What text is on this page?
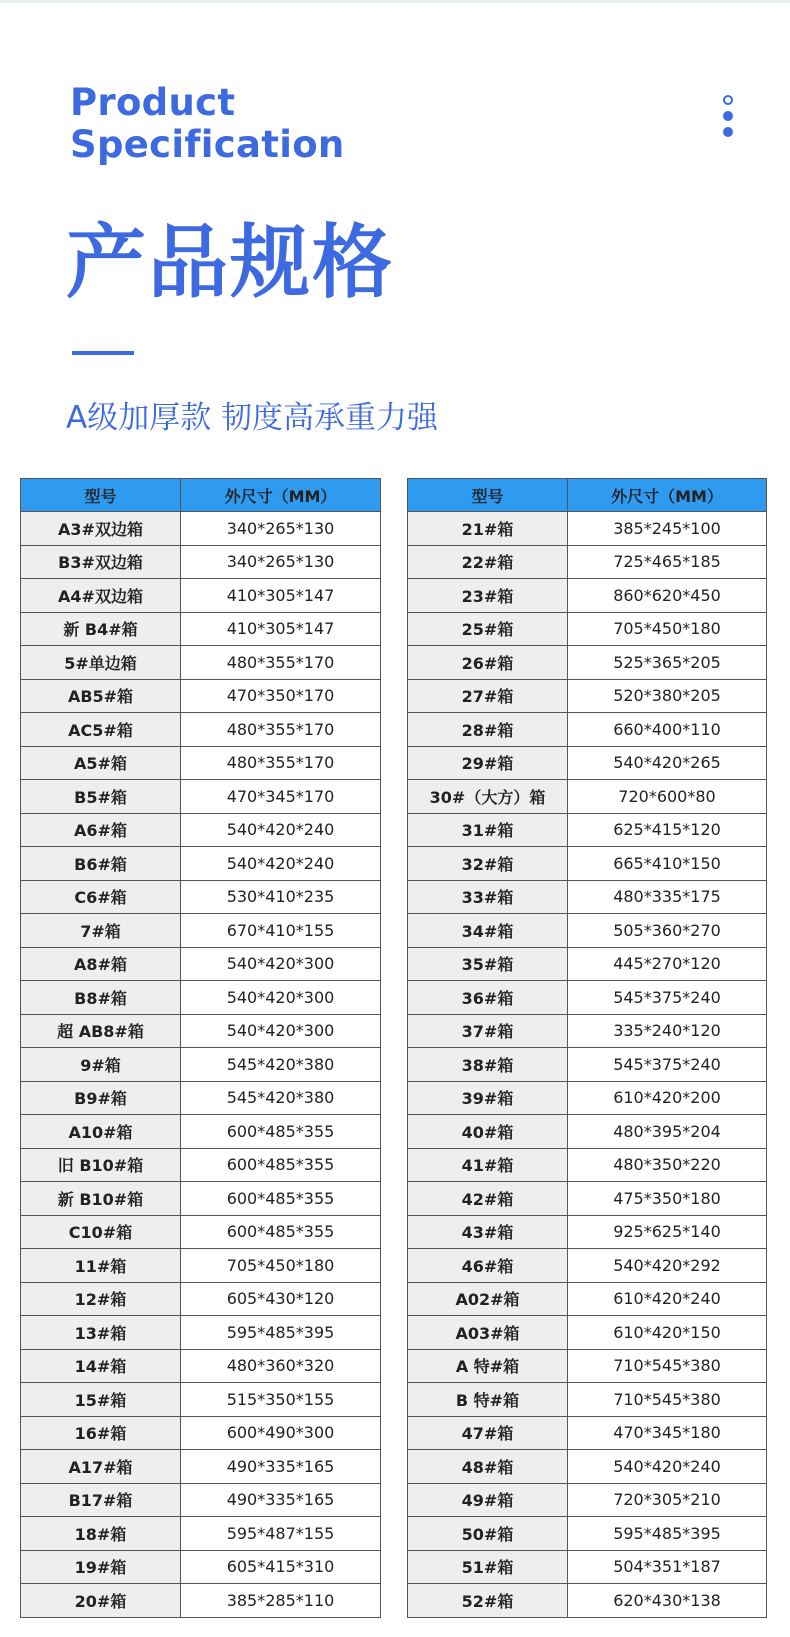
Product
Specification
产品规格
A级加厚款 韧度高承重力强
型号	外尺寸（MM）
A3#双边箱	340*265*130
B3#双边箱	340*265*130
A4#双边箱	410*305*147
新 B4#箱	410*305*147
5#单边箱	480*355*170
AB5#箱	470*350*170
AC5#箱	480*355*170
A5#箱	480*355*170
B5#箱	470*345*170
A6#箱	540*420*240
B6#箱	540*420*240
C6#箱	530*410*235
7#箱	670*410*155
A8#箱	540*420*300
B8#箱	540*420*300
超 AB8#箱	540*420*300
9#箱	545*420*380
B9#箱	545*420*380
A10#箱	600*485*355
旧 B10#箱	600*485*355
新 B10#箱	600*485*355
C10#箱	600*485*355
11#箱	705*450*180
12#箱	605*430*120
13#箱	595*485*395
14#箱	480*360*320
15#箱	515*350*155
16#箱	600*490*300
A17#箱	490*335*165
B17#箱	490*335*165
18#箱	595*487*155
19#箱	605*415*310
20#箱	385*285*110
型号	外尺寸（MM）
21#箱	385*245*100
22#箱	725*465*185
23#箱	860*620*450
25#箱	705*450*180
26#箱	525*365*205
27#箱	520*380*205
28#箱	660*400*110
29#箱	540*420*265
30#（大方）箱	720*600*80
31#箱	625*415*120
32#箱	665*410*150
33#箱	480*335*175
34#箱	505*360*270
35#箱	445*270*120
36#箱	545*375*240
37#箱	335*240*120
38#箱	545*375*240
39#箱	610*420*200
40#箱	480*395*204
41#箱	480*350*220
42#箱	475*350*180
43#箱	925*625*140
46#箱	540*420*292
A02#箱	610*420*240
A03#箱	610*420*150
A 特#箱	710*545*380
B 特#箱	710*545*380
47#箱	470*345*180
48#箱	540*420*240
49#箱	720*305*210
50#箱	595*485*395
51#箱	504*351*187
52#箱	620*430*138
